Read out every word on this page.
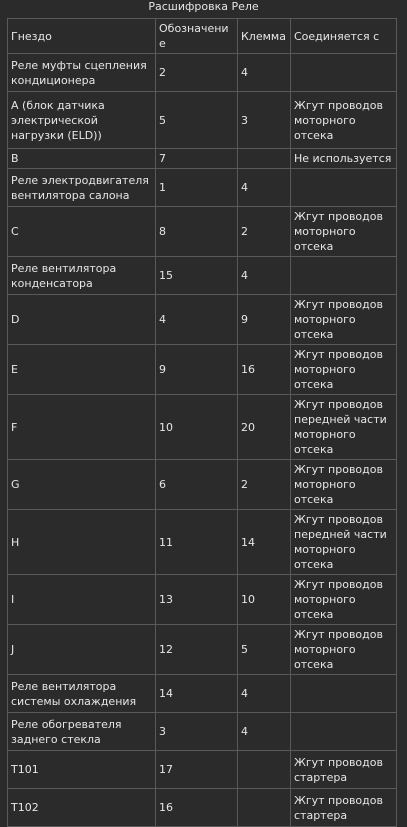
Расшифровка Реле
Гнездо	Обозначение	Клемма	Соединяется с
Реле муфты сцепления кондиционера	2	4	
A (блок датчика электрической нагрузки (ELD))	5	3	Жгут проводов моторного отсека
B	7		Не используется
Реле электродвигателя вентилятора салона	1	4	
C	8	2	Жгут проводов моторного отсека
Реле вентилятора конденсатора	15	4	
D	4	9	Жгут проводов моторного отсека
E	9	16	Жгут проводов моторного отсека
F	10	20	Жгут проводов передней части моторного отсека
G	6	2	Жгут проводов моторного отсека
H	11	14	Жгут проводов передней части моторного отсека
I	13	10	Жгут проводов моторного отсека
J	12	5	Жгут проводов моторного отсека
Реле вентилятора системы охлаждения	14	4	
Реле обогревателя заднего стекла	3	4	
T101	17		Жгут проводов стартера
T102	16		Жгут проводов стартера
